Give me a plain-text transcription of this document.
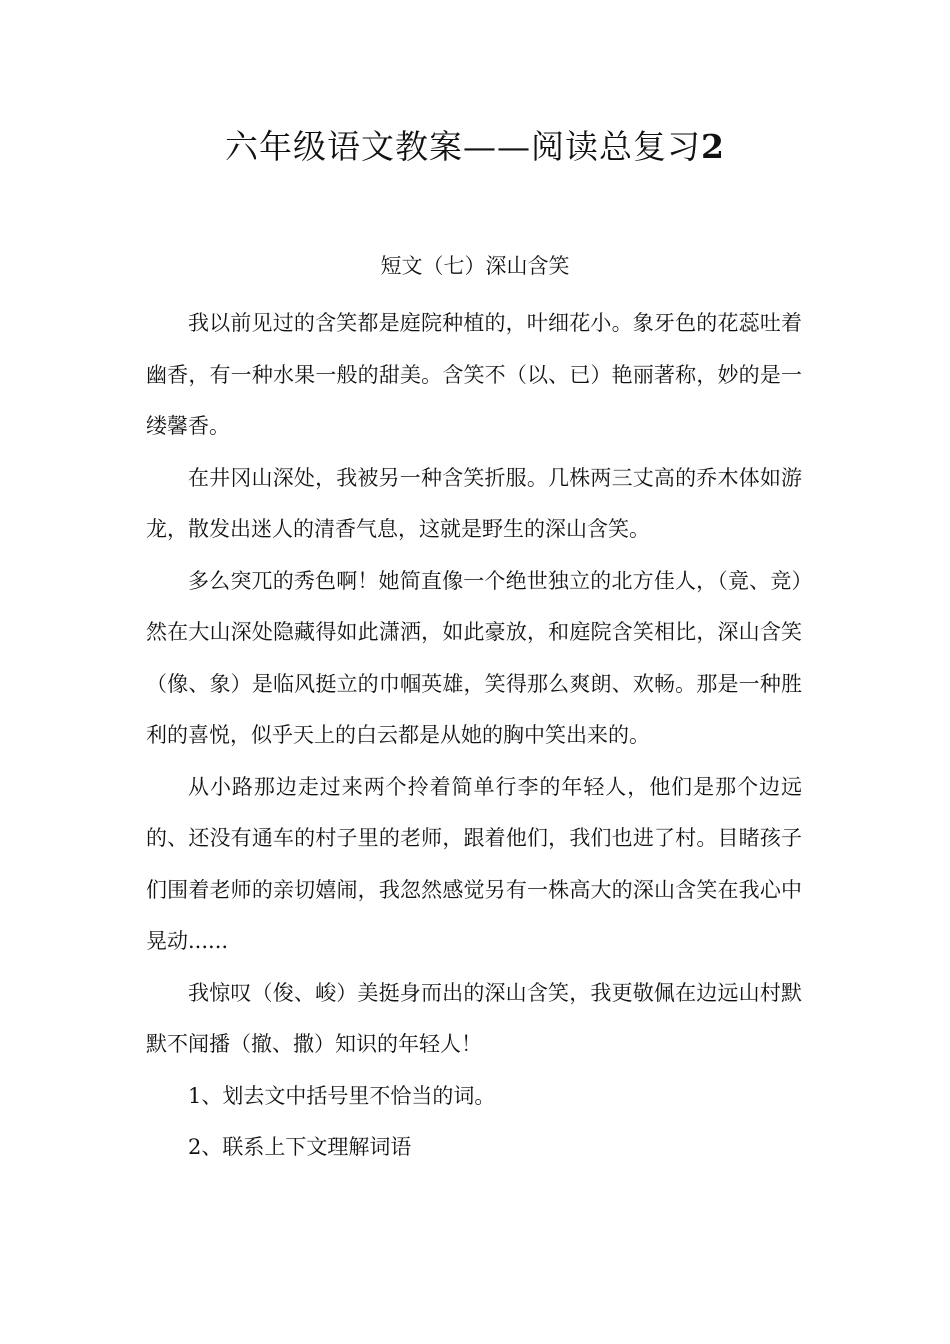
六年级语文教案——阅读总复习2

短文（七）深山含笑

我以前见过的含笑都是庭院种植的，叶细花小。象牙色的花蕊吐着幽香，有一种水果一般的甜美。含笑不（以、已）艳丽著称，妙的是一缕馨香。

在井冈山深处，我被另一种含笑折服。几株两三丈高的乔木体如游龙，散发出迷人的清香气息，这就是野生的深山含笑。

多么突兀的秀色啊！她简直像一个绝世独立的北方佳人，（竟、竞）然在大山深处隐藏得如此潇洒，如此豪放，和庭院含笑相比，深山含笑（像、象）是临风挺立的巾帼英雄，笑得那么爽朗、欢畅。那是一种胜利的喜悦，似乎天上的白云都是从她的胸中笑出来的。

从小路那边走过来两个拎着简单行李的年轻人，他们是那个边远的、还没有通车的村子里的老师，跟着他们，我们也进了村。目睹孩子们围着老师的亲切嬉闹，我忽然感觉另有一株高大的深山含笑在我心中晃动......

我惊叹（俊、峻）美挺身而出的深山含笑，我更敬佩在边远山村默默不闻播（撤、撒）知识的年轻人！

1、划去文中括号里不恰当的词。

2、联系上下文理解词语
